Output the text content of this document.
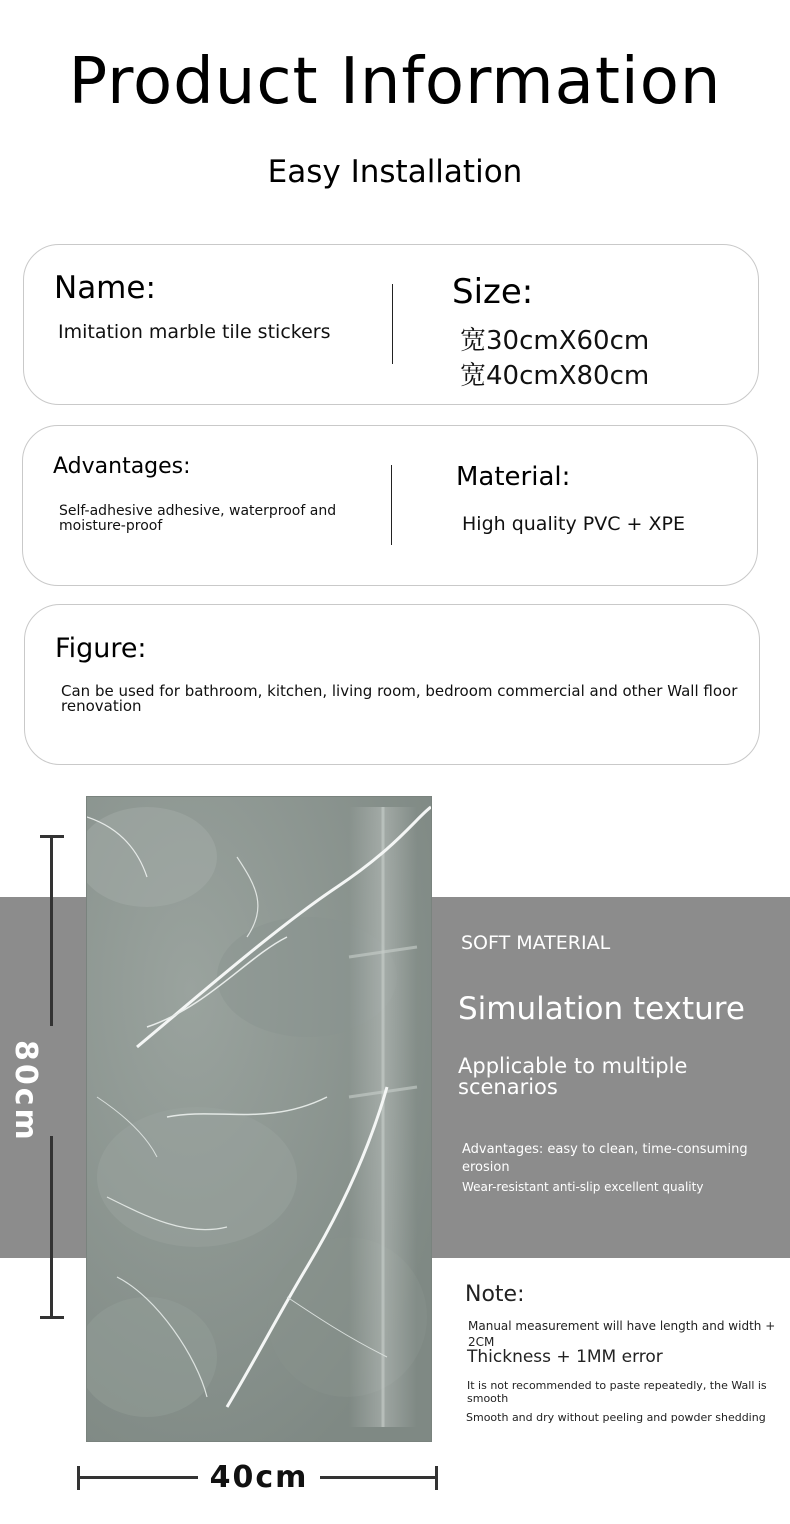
Product Information
Easy Installation
Name:
Imitation marble tile stickers
Size:
宽30cmX60cm
宽40cmX80cm
Advantages:
Self-adhesive adhesive, waterproof and moisture-proof
Material:
High quality PVC + XPE
Figure:
Can be used for bathroom, kitchen, living room, bedroom commercial and other Wall floor renovation
SOFT MATERIAL
Simulation texture
Applicable to multiple scenarios
Advantages: easy to clean, time-consuming erosion
Wear-resistant anti-slip excellent quality
Note:
Manual measurement will have length and width + 2CM
Thickness + 1MM error
It is not recommended to paste repeatedly, the Wall is smooth
Smooth and dry without peeling and powder shedding
80cm
40cm
